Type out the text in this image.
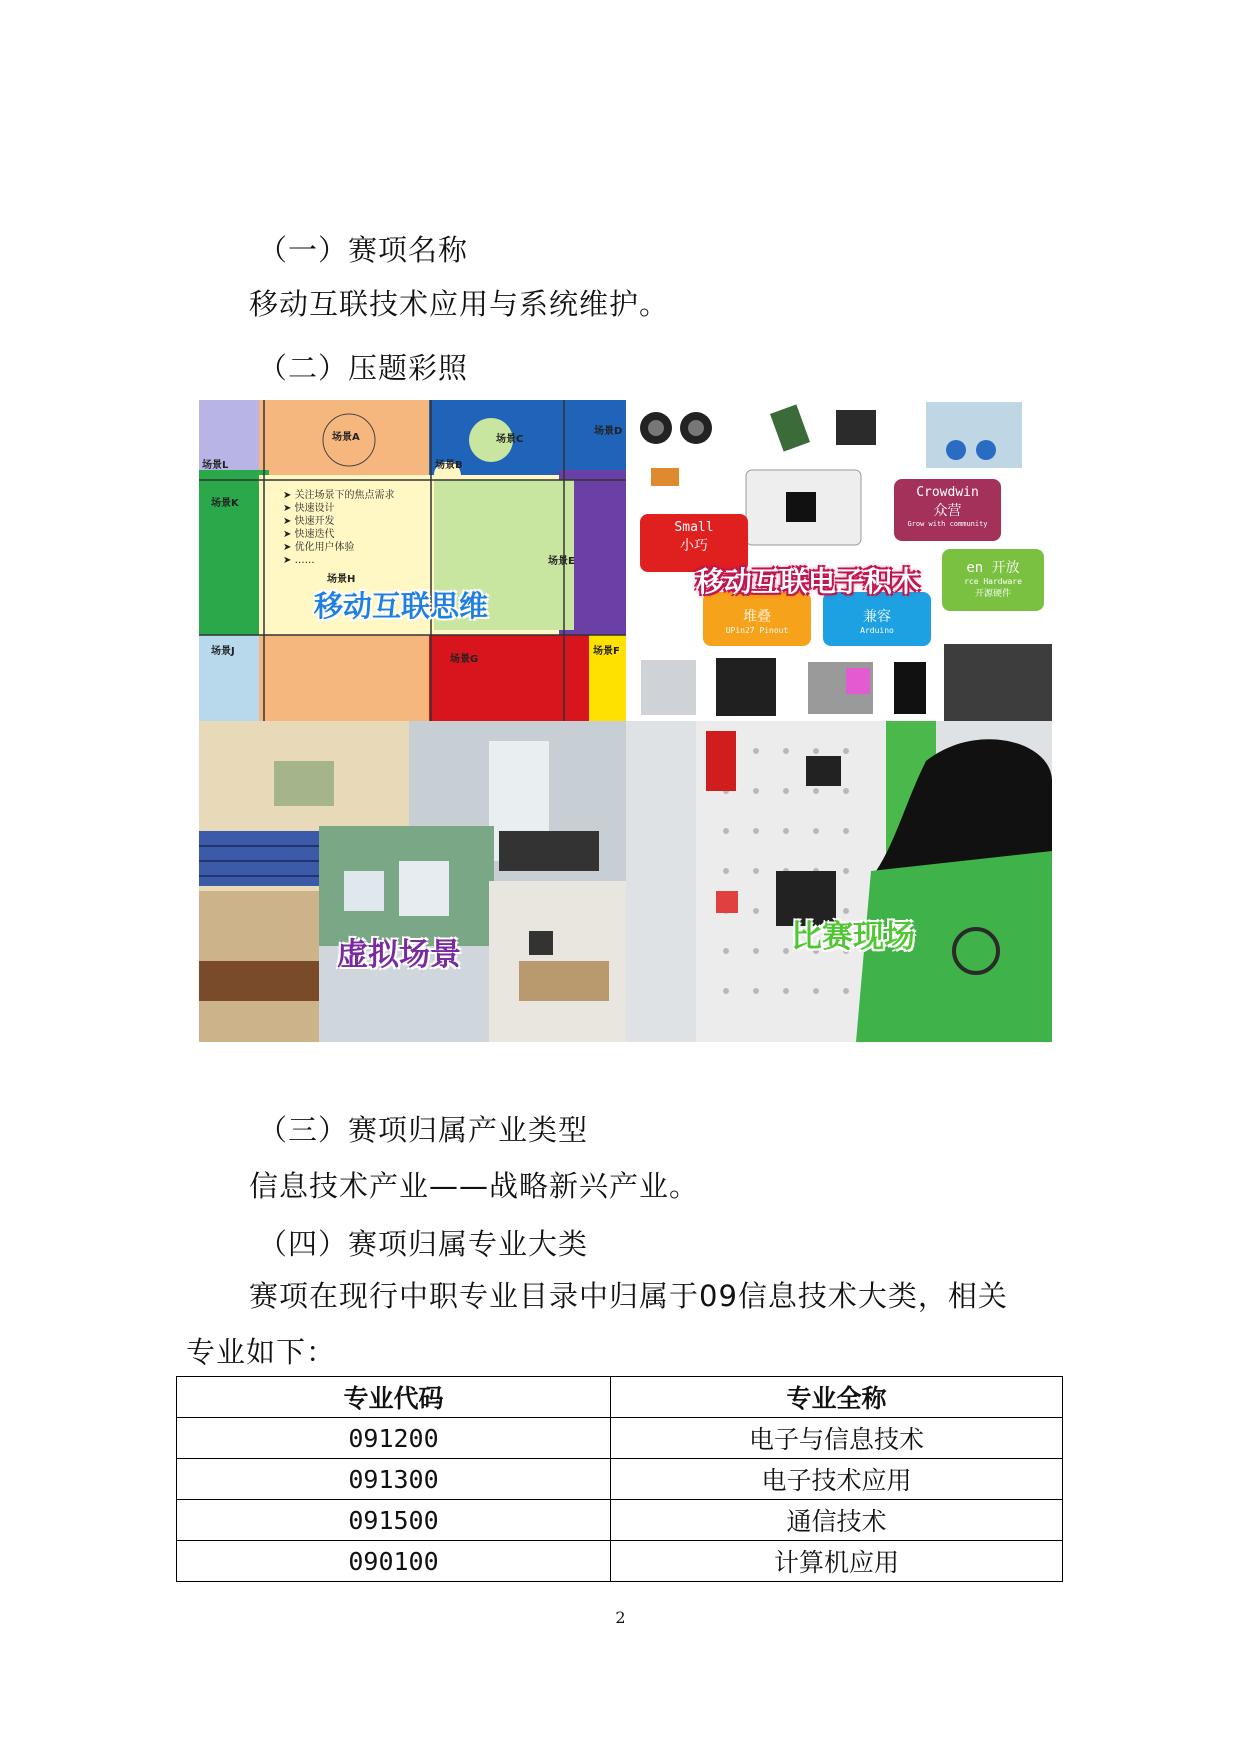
（一）赛项名称
移动互联技术应用与系统维护。
（二）压题彩照
场景A
场景B
场景C
场景D
场景E
场景F
场景G
场景H
场景J
场景K
场景L
➤ 关注场景下的焦点需求
➤ 快速设计
➤ 快速开发
➤ 快速迭代
➤ 优化用户体验
➤ ……
移动互联思维
Small
小巧
Crowdwin
众营
Grow with community
en 开放
rce Hardware
开源硬件
堆叠
UPin27 Pinout
兼容
Arduino
移动互联电子积木
虚拟场景	比赛现场
（三）赛项归属产业类型
信息技术产业——战略新兴产业。
（四）赛项归属专业大类
赛项在现行中职专业目录中归属于09信息技术大类，相关
专业如下：
专业代码	专业全称
091200	电子与信息技术
091300	电子技术应用
091500	通信技术
090100	计算机应用
2
